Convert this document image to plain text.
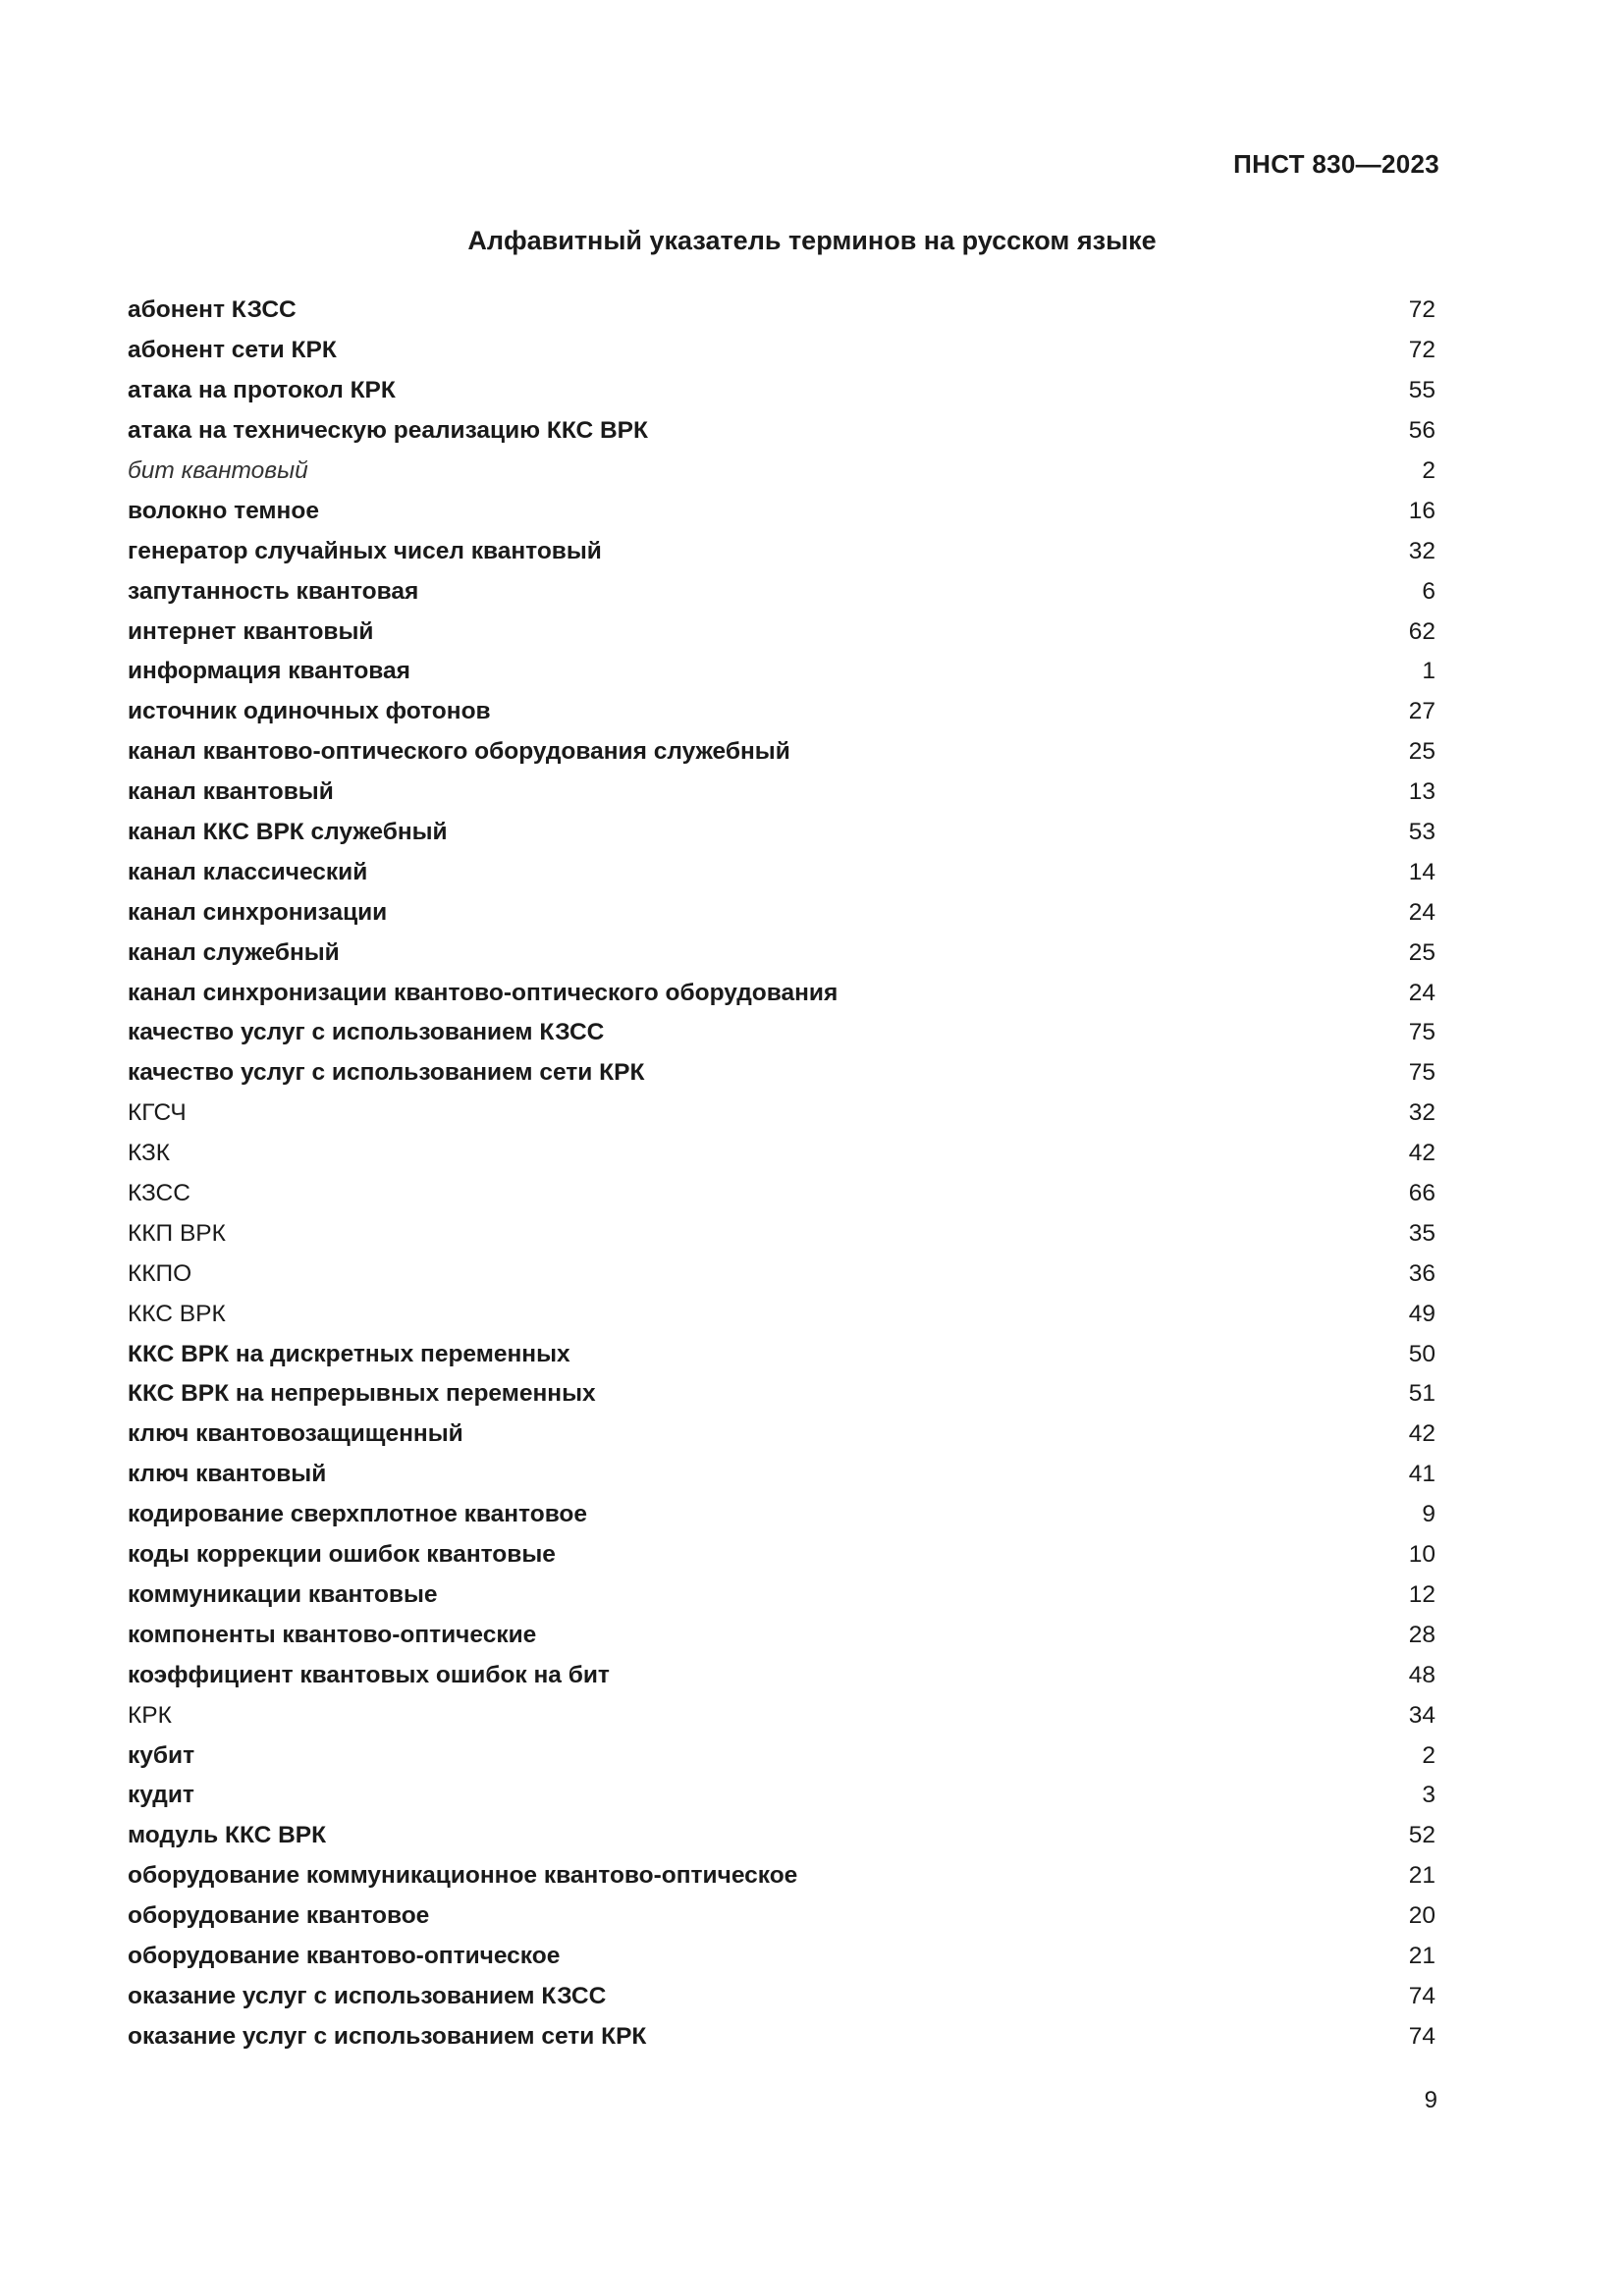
ПНСТ 830—2023
Алфавитный указатель терминов на русском языке
абонент КЗСС	72
абонент сети КРК	72
атака на протокол КРК	55
атака на техническую реализацию ККС ВРК	56
бит квантовый	2
волокно темное	16
генератор случайных чисел квантовый	32
запутанность квантовая	6
интернет квантовый	62
информация квантовая	1
источник одиночных фотонов	27
канал квантово-оптического оборудования служебный	25
канал квантовый	13
канал ККС ВРК служебный	53
канал классический	14
канал синхронизации	24
канал служебный	25
канал синхронизации квантово-оптического оборудования	24
качество услуг с использованием КЗСС	75
качество услуг с использованием сети КРК	75
КГСЧ	32
КЗК	42
КЗСС	66
ККП ВРК	35
ККПО	36
ККС ВРК	49
ККС ВРК на дискретных переменных	50
ККС ВРК на непрерывных переменных	51
ключ квантовозащищенный	42
ключ квантовый	41
кодирование сверхплотное квантовое	9
коды коррекции ошибок квантовые	10
коммуникации квантовые	12
компоненты квантово-оптические	28
коэффициент квантовых ошибок на бит	48
КРК	34
кубит	2
кудит	3
модуль ККС ВРК	52
оборудование коммуникационное квантово-оптическое	21
оборудование квантовое	20
оборудование квантово-оптическое	21
оказание услуг с использованием КЗСС	74
оказание услуг с использованием сети КРК	74
9
